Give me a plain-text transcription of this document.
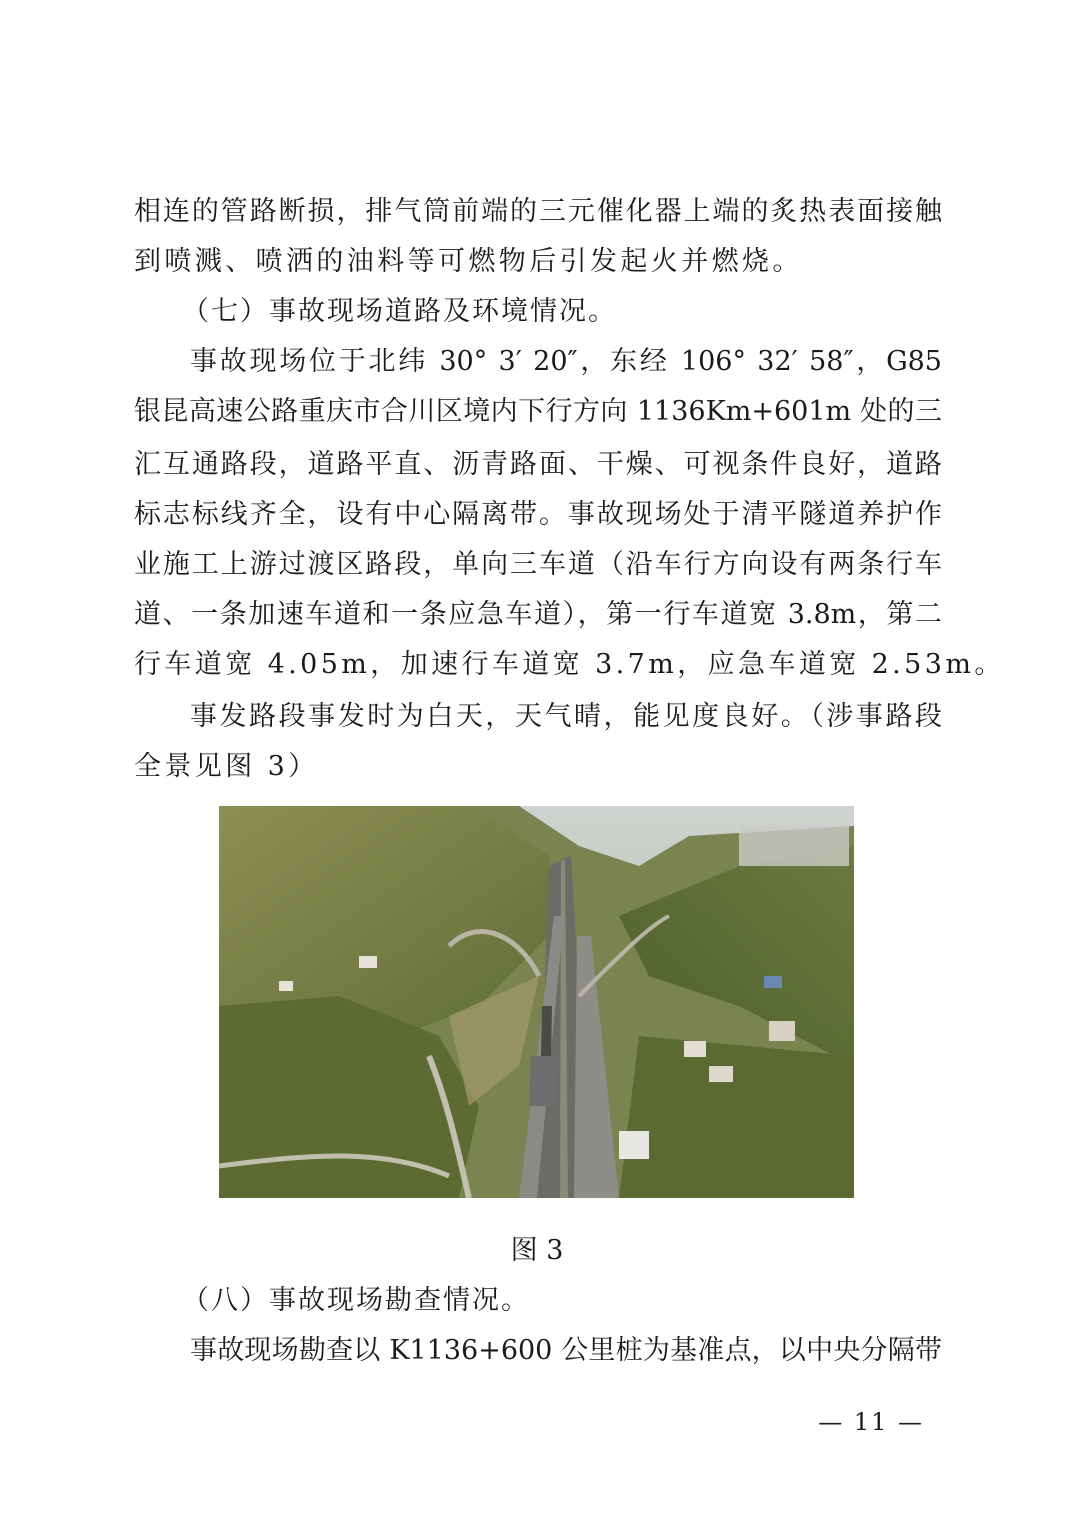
相连的管路断损，排气筒前端的三元催化器上端的炙热表面接触
到喷溅、喷洒的油料等可燃物后引发起火并燃烧。
（七）事故现场道路及环境情况。
事故现场位于北纬 30° 3′ 20″，东经 106° 32′ 58″，G85
银昆高速公路重庆市合川区境内下行方向 1136Km+601m 处的三
汇互通路段，道路平直、沥青路面、干燥、可视条件良好，道路
标志标线齐全，设有中心隔离带。事故现场处于清平隧道养护作
业施工上游过渡区路段，单向三车道（沿车行方向设有两条行车
道、一条加速车道和一条应急车道），第一行车道宽 3.8m，第二
行车道宽 4.05m，加速行车道宽 3.7m，应急车道宽 2.53m。
事发路段事发时为白天，天气晴，能见度良好。（涉事路段
全景见图 3）
图 3
（八）事故现场勘查情况。
事故现场勘查以 K1136+600 公里桩为基准点，以中央分隔带
— 11 —
